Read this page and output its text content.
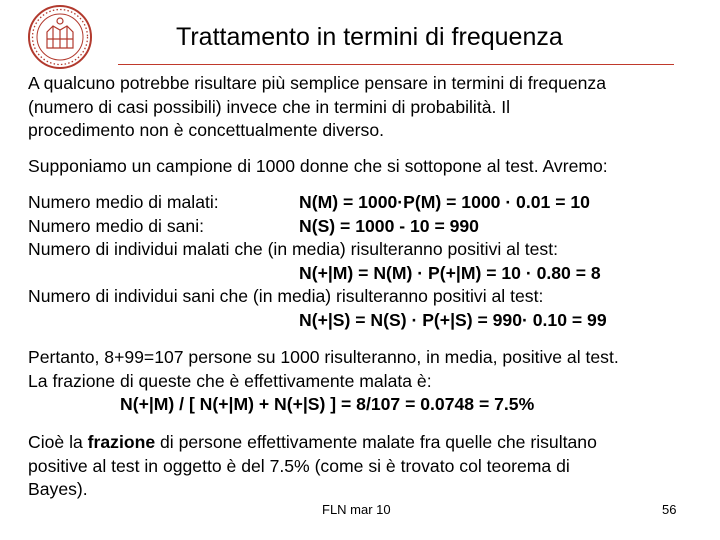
Trattamento in termini di frequenza
A qualcuno potrebbe risultare più semplice pensare in termini di frequenza
(numero di casi possibili) invece che in termini di probabilità. Il
procedimento non è concettualmente diverso.
Supponiamo un campione di 1000 donne che si sottopone al test. Avremo:
Numero medio di malati:	N(M) = 1000·P(M) = 1000 · 0.01 = 10
Numero medio di sani:	N(S) = 1000 - 10 = 990
Numero di individui malati che (in media) risulteranno positivi al test:
N(+|M) = N(M) · P(+|M) = 10 · 0.80 = 8
Numero di individui sani che (in media) risulteranno positivi al test:
N(+|S) = N(S) · P(+|S) = 990· 0.10 = 99
Pertanto, 8+99=107 persone su 1000 risulteranno, in media, positive al test.
La frazione di queste che è effettivamente malata è:
N(+|M) / [ N(+|M) + N(+|S) ] = 8/107 = 0.0748 = 7.5%
Cioè la frazione di persone effettivamente malate fra quelle che risultano
positive al test in oggetto è del 7.5% (come si è trovato col teorema di
Bayes).
FLN mar 10	56
